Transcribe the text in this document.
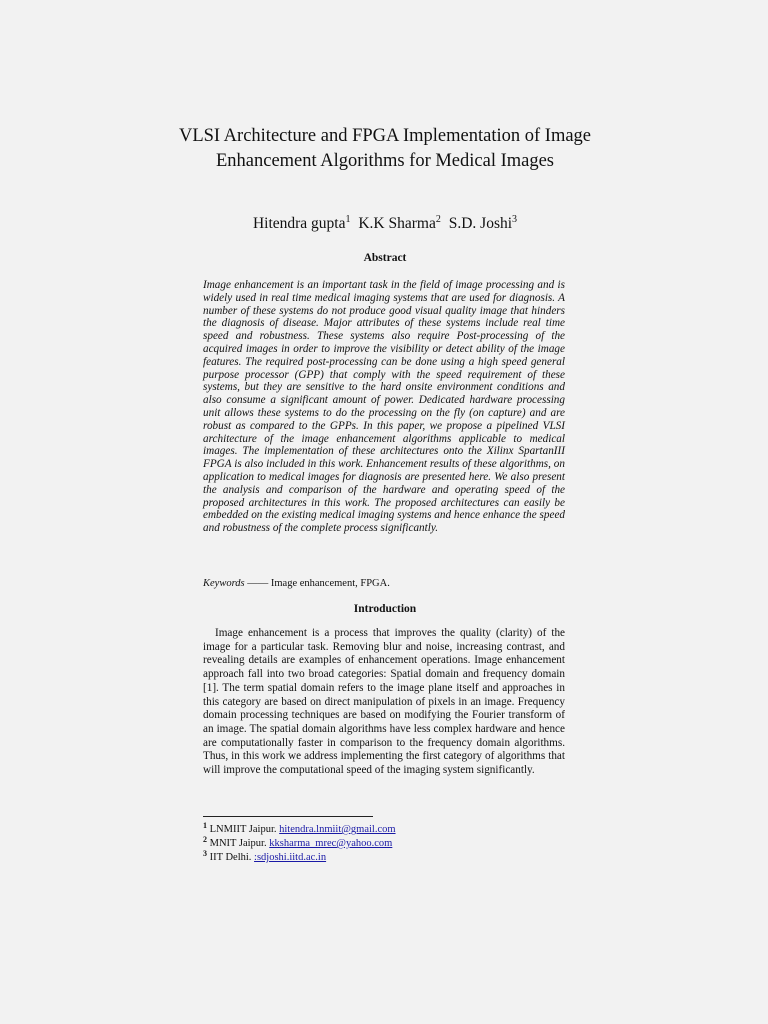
VLSI Architecture and FPGA Implementation of Image Enhancement Algorithms for Medical Images
Hitendra gupta$^1$ K.K Sharma$^2$ S.D. Joshi$^3$
Abstract
Image enhancement is an important task in the field of image processing and is widely used in real time medical imaging systems that are used for diagnosis. A number of these systems do not produce good visual quality image that hinders the diagnosis of disease. Major attributes of these systems include real time speed and robustness. These systems also require Post-processing of the acquired images in order to improve the visibility or detect ability of the image features. The required post-processing can be done using a high speed general purpose processor (GPP) that comply with the speed requirement of these systems, but they are sensitive to the hard onsite environment conditions and also consume a significant amount of power. Dedicated hardware processing unit allows these systems to do the processing on the fly (on capture) and are robust as compared to the GPPs. In this paper, we propose a pipelined VLSI architecture of the image enhancement algorithms applicable to medical images. The implementation of these architectures onto the Xilinx SpartanIII FPGA is also included in this work. Enhancement results of these algorithms, on application to medical images for diagnosis are presented here. We also present the analysis and comparison of the hardware and operating speed of the proposed architectures in this work. The proposed architectures can easily be embedded on the existing medical imaging systems and hence enhance the speed and robustness of the complete process significantly.
Keywords —— Image enhancement, FPGA.
Introduction
Image enhancement is a process that improves the quality (clarity) of the image for a particular task. Removing blur and noise, increasing contrast, and revealing details are examples of enhancement operations. Image enhancement approach fall into two broad categories: Spatial domain and frequency domain [1]. The term spatial domain refers to the image plane itself and approaches in this category are based on direct manipulation of pixels in an image. Frequency domain processing techniques are based on modifying the Fourier transform of an image. The spatial domain algorithms have less complex hardware and hence are computationally faster in comparison to the frequency domain algorithms. Thus, in this work we address implementing the first category of algorithms that will improve the computational speed of the imaging system significantly.
$^1$ LNMIIT Jaipur. hitendra.lnmiit@gmail.com
$^2$ MNIT Jaipur. kksharma_mrec@yahoo.com
$^3$ IIT Delhi. :sdjoshi.iitd.ac.in
